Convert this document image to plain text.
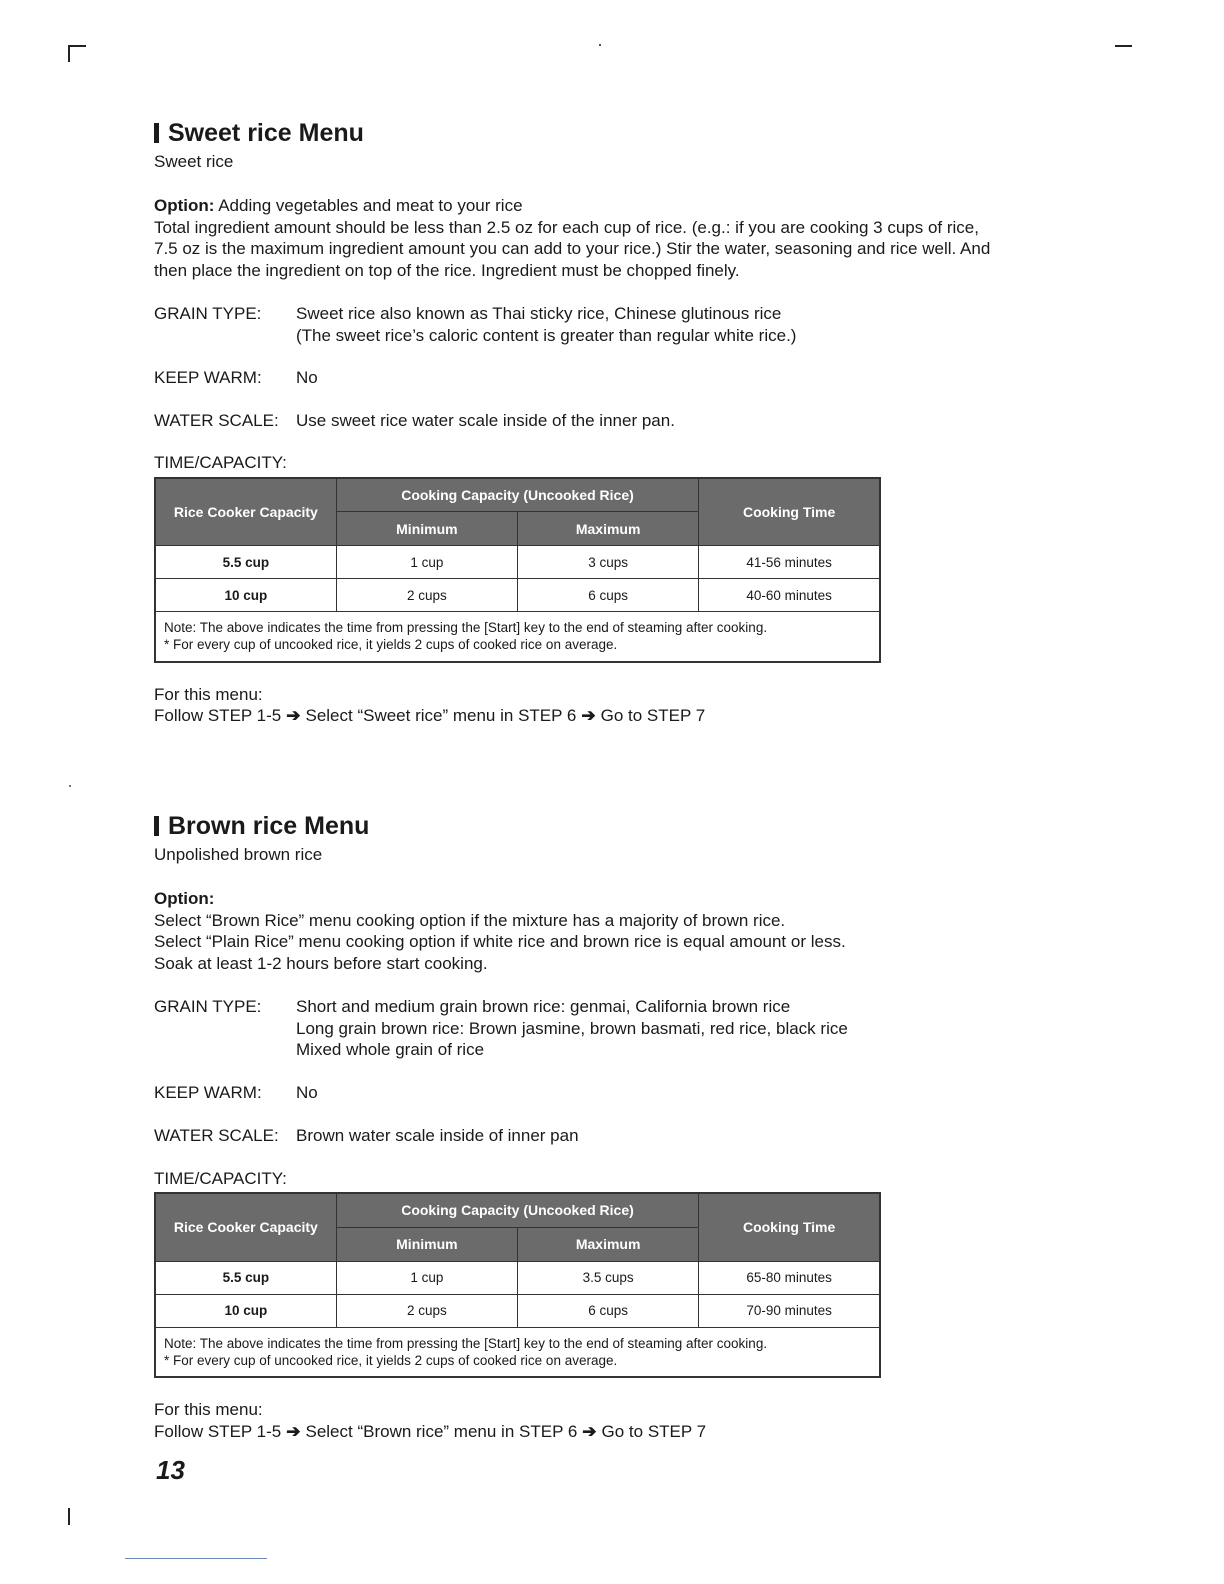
Sweet rice Menu
Sweet rice
Option: Adding vegetables and meat to your rice
Total ingredient amount should be less than 2.5 oz for each cup of rice. (e.g.: if you are cooking 3 cups of rice,
7.5 oz is the maximum ingredient amount you can add to your rice.) Stir the water, seasoning and rice well. And
then place the ingredient on top of the rice. Ingredient must be chopped finely.
GRAIN TYPE:	Sweet rice also known as Thai sticky rice, Chinese glutinous rice
(The sweet rice’s caloric content is greater than regular white rice.)
KEEP WARM:	No
WATER SCALE:	Use sweet rice water scale inside of the inner pan.
TIME/CAPACITY:
Rice Cooker Capacity	Cooking Capacity (Uncooked Rice)		Cooking Time
	Minimum	Maximum	
5.5 cup	1 cup	3 cups	41-56 minutes
10 cup	2 cups	6 cups	40-60 minutes

Note: The above indicates the time from pressing the [Start] key to the end of steaming after cooking.
* For every cup of uncooked rice, it yields 2 cups of cooked rice on average.			
For this menu:
Follow STEP 1-5 ➔ Select “Sweet rice” menu in STEP 6 ➔ Go to STEP 7
Brown rice Menu
Unpolished brown rice
Option:
Select “Brown Rice” menu cooking option if the mixture has a majority of brown rice.
Select “Plain Rice” menu cooking option if white rice and brown rice is equal amount or less.
Soak at least 1-2 hours before start cooking.
GRAIN TYPE:	Short and medium grain brown rice: genmai, California brown rice
Long grain brown rice: Brown jasmine, brown basmati, red rice, black rice
Mixed whole grain of rice
KEEP WARM:	No
WATER SCALE:	Brown water scale inside of inner pan
TIME/CAPACITY:
Rice Cooker Capacity	Cooking Capacity (Uncooked Rice)		Cooking Time
	Minimum	Maximum	
5.5 cup	1 cup	3.5 cups	65-80 minutes
10 cup	2 cups	6 cups	70-90 minutes

Note: The above indicates the time from pressing the [Start] key to the end of steaming after cooking.
* For every cup of uncooked rice, it yields 2 cups of cooked rice on average.			
For this menu:
Follow STEP 1-5 ➔ Select “Brown rice” menu in STEP 6 ➔ Go to STEP 7
13
